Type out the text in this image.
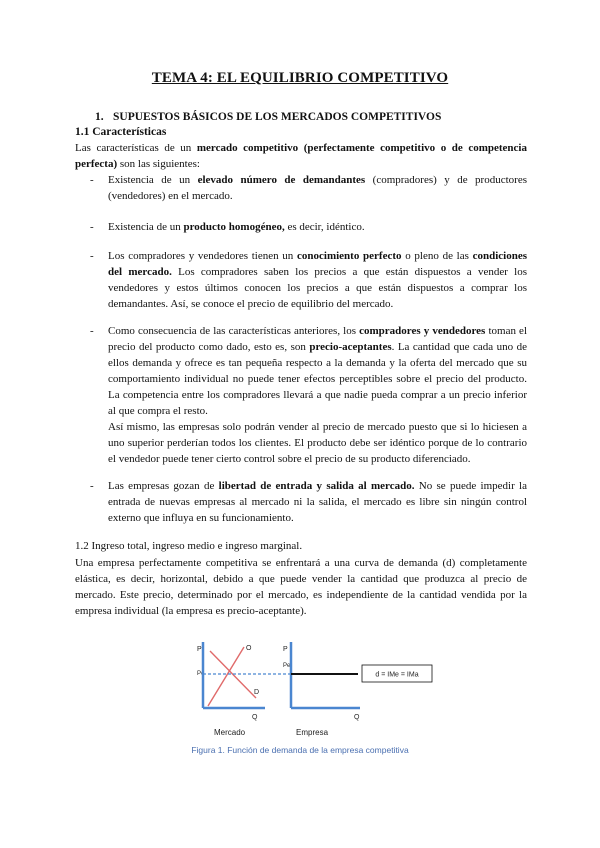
TEMA 4: EL EQUILIBRIO COMPETITIVO
1. SUPUESTOS BÁSICOS DE LOS MERCADOS COMPETITIVOS
1.1 Características
Las características de un mercado competitivo (perfectamente competitivo o de competencia perfecta) son las siguientes:
- Existencia de un elevado número de demandantes (compradores) y de productores (vendedores) en el mercado.
- Existencia de un producto homogéneo, es decir, idéntico.
- Los compradores y vendedores tienen un conocimiento perfecto o pleno de las condiciones del mercado. Los compradores saben los precios a que están dispuestos a vender los vendedores y estos últimos conocen los precios a que están dispuestos a comprar los demandantes. Así, se conoce el precio de equilibrio del mercado.
- Como consecuencia de las características anteriores, los compradores y vendedores toman el precio del producto como dado, esto es, son precio-aceptantes. La cantidad que cada uno de ellos demanda y ofrece es tan pequeña respecto a la demanda y la oferta del mercado que su comportamiento individual no puede tener efectos perceptibles sobre el precio del producto. La competencia entre los compradores llevará a que nadie pueda comprar a un precio inferior al que compra el resto.
Así mismo, las empresas solo podrán vender al precio de mercado puesto que si lo hiciesen a uno superior perderían todos los clientes. El producto debe ser idéntico porque de lo contrario el vendedor puede tener cierto control sobre el precio de su producto diferenciado.
- Las empresas gozan de libertad de entrada y salida al mercado. No se puede impedir la entrada de nuevas empresas al mercado ni la salida, el mercado es libre sin ningún control externo que influya en su funcionamiento.
1.2 Ingreso total, ingreso medio e ingreso marginal.
Una empresa perfectamente competitiva se enfrentará a una curva de demanda (d) completamente elástica, es decir, horizontal, debido a que puede vender la cantidad que produzca al precio de mercado. Este precio, determinado por el mercado, es independiente de la cantidad vendida por la empresa individual (la empresa es precio-aceptante).
P
Pe
O
D
Q
Mercado
P
Pe
d = IMe = IMa
Q
Empresa
Figura 1. Función de demanda de la empresa competitiva
